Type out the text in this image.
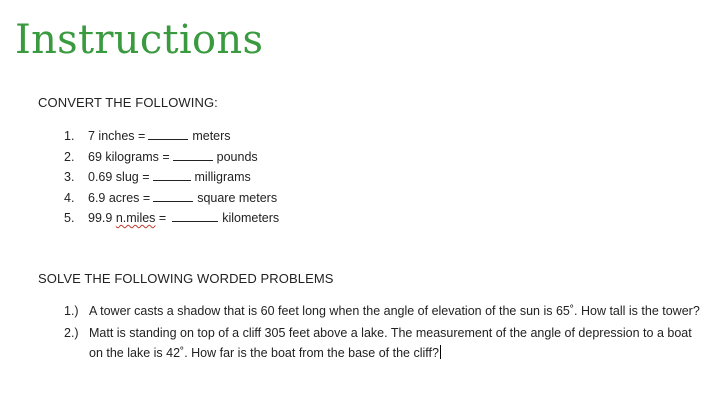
Instructions
CONVERT THE FOLLOWING:
1. 7 inches =	meters
2. 69 kilograms =	pounds
3. 0.69 slug =	milligrams
4. 6.9 acres =	square meters
5. 99.9 n.miles =	kilometers
SOLVE THE FOLLOWING WORDED PROBLEMS
1.) A tower casts a shadow that is 60 feet long when the angle of elevation of the sun is 65˚. How tall is the tower?
2.) Matt is standing on top of a cliff 305 feet above a lake. The measurement of the angle of depression to a boat on the lake is 42˚. How far is the boat from the base of the cliff?
